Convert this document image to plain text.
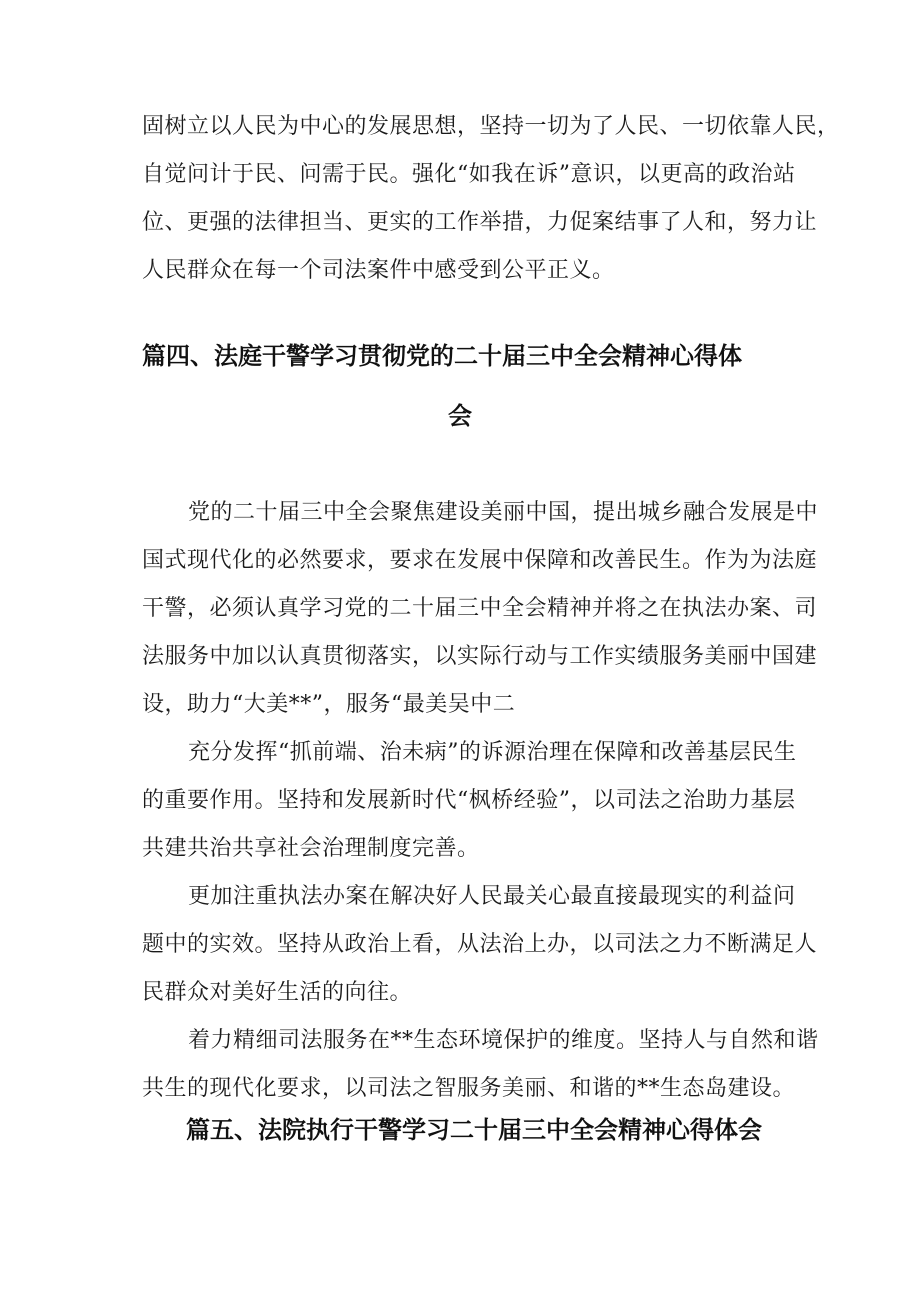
固树立以人民为中心的发展思想，坚持一切为了人民、一切依靠人民，
自觉问计于民、问需于民。强化“如我在诉”意识，以更高的政治站
位、更强的法律担当、更实的工作举措，力促案结事了人和，努力让
人民群众在每一个司法案件中感受到公平正义。
篇四、法庭干警学习贯彻党的二十届三中全会精神心得体
会
党的二十届三中全会聚焦建设美丽中国，提出城乡融合发展是中
国式现代化的必然要求，要求在发展中保障和改善民生。作为为法庭
干警，必须认真学习党的二十届三中全会精神并将之在执法办案、司
法服务中加以认真贯彻落实，以实际行动与工作实绩服务美丽中国建
设，助力“大美**”，服务“最美吴中二
充分发挥“抓前端、治未病”的诉源治理在保障和改善基层民生
的重要作用。坚持和发展新时代“枫桥经验”，以司法之治助力基层
共建共治共享社会治理制度完善。
更加注重执法办案在解决好人民最关心最直接最现实的利益问
题中的实效。坚持从政治上看，从法治上办，以司法之力不断满足人
民群众对美好生活的向往。
着力精细司法服务在**生态环境保护的维度。坚持人与自然和谐
共生的现代化要求，以司法之智服务美丽、和谐的**生态岛建设。
篇五、法院执行干警学习二十届三中全会精神心得体会
